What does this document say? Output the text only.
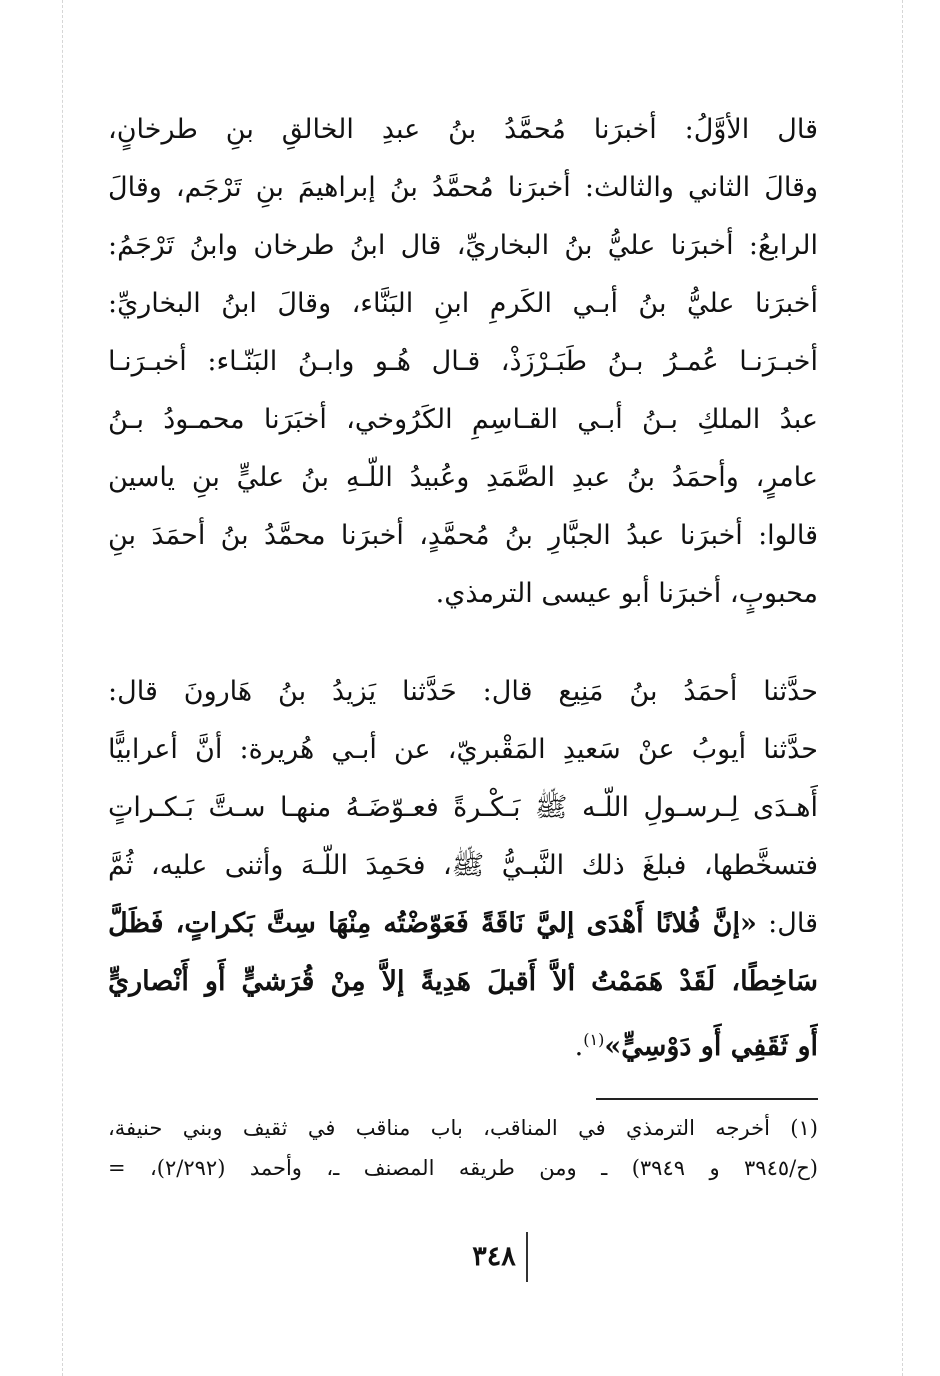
قال الأوَّلُ: أخبرَنا مُحمَّدُ بنُ عبدِ الخالقِ بنِ طرخانٍ،
وقالَ الثاني والثالث: أخبرَنا مُحمَّدُ بنُ إبراهيمَ بنِ تَرْجَم، وقالَ
الرابعُ: أخبرَنا عليُّ بنُ البخاريِّ، قال ابنُ طرخان وابنُ تَرْجَمُ:
أخبرَنا عليُّ بنُ أبـي الكَرمِ ابنِ البَنَّاء، وقالَ ابنُ البخاريِّ:
أخبـرَنـا عُمـرُ بـنُ طَبَـرْزَذْ، قـال هُـو وابـنُ البَنّـاء: أخبـرَنـا
عبدُ الملكِ بـنُ أبـي القـاسِمِ الكَرُوخي، أخبَرَنا محمـودُ بـنُ
عامرٍ، وأحمَدُ بنُ عبدِ الصَّمَدِ وعُبيدُ اللّـهِ بنُ عليٍّ بنِ ياسين
قالوا: أخبرَنا عبدُ الجبَّارِ بنُ مُحمَّدٍ، أخبرَنا محمَّدُ بنُ أحمَدَ بنِ
محبوبٍ، أخبرَنا أبو عيسى الترمذي.
حدَّثنا أحمَدُ بنُ مَنِيع قال: حَدَّثنا يَزيدُ بنُ هَارونَ قال:
حدَّثنا أيوبُ عنْ سَعيدِ المَقْبريّ، عن أبـي هُريرة: أنَّ أعرابيًّا
أَهـدَى لِـرسـولِ اللّـه ﷺ بَـكْـرةً فعـوّضَـهُ منهـا سـتَّ بَـكـراتٍ
فتسخَّطها، فبلغَ ذلك النَّبـيُّ ﷺ، فحَمِدَ اللّـهَ وأثنى عليه، ثُمَّ
قال: «إنَّ فُلانًا أَهْدَى إليَّ نَاقَةً فَعَوّضْتُه مِنْهَا سِتَّ بَكراتٍ، فَظَلَّ
سَاخِطًا، لَقَدْ هَمَمْتُ ألاَّ أَقبلَ هَدِيةً إلاَّ مِنْ قُرَشيٍّ أَو أَنْصاريٍّ
أَو ثَقَفِي أَو دَوْسِيٍّ»$^{(١)}$.
(١) أخرجه الترمذي في المناقب، باب مناقب في ثقيف وبني حنيفة،
(ح/٣٩٤٥ و ٣٩٤٩) ـ ومن طريقه المصنف ـ، وأحمد (٢/٢٩٢)، =
٣٤٨
